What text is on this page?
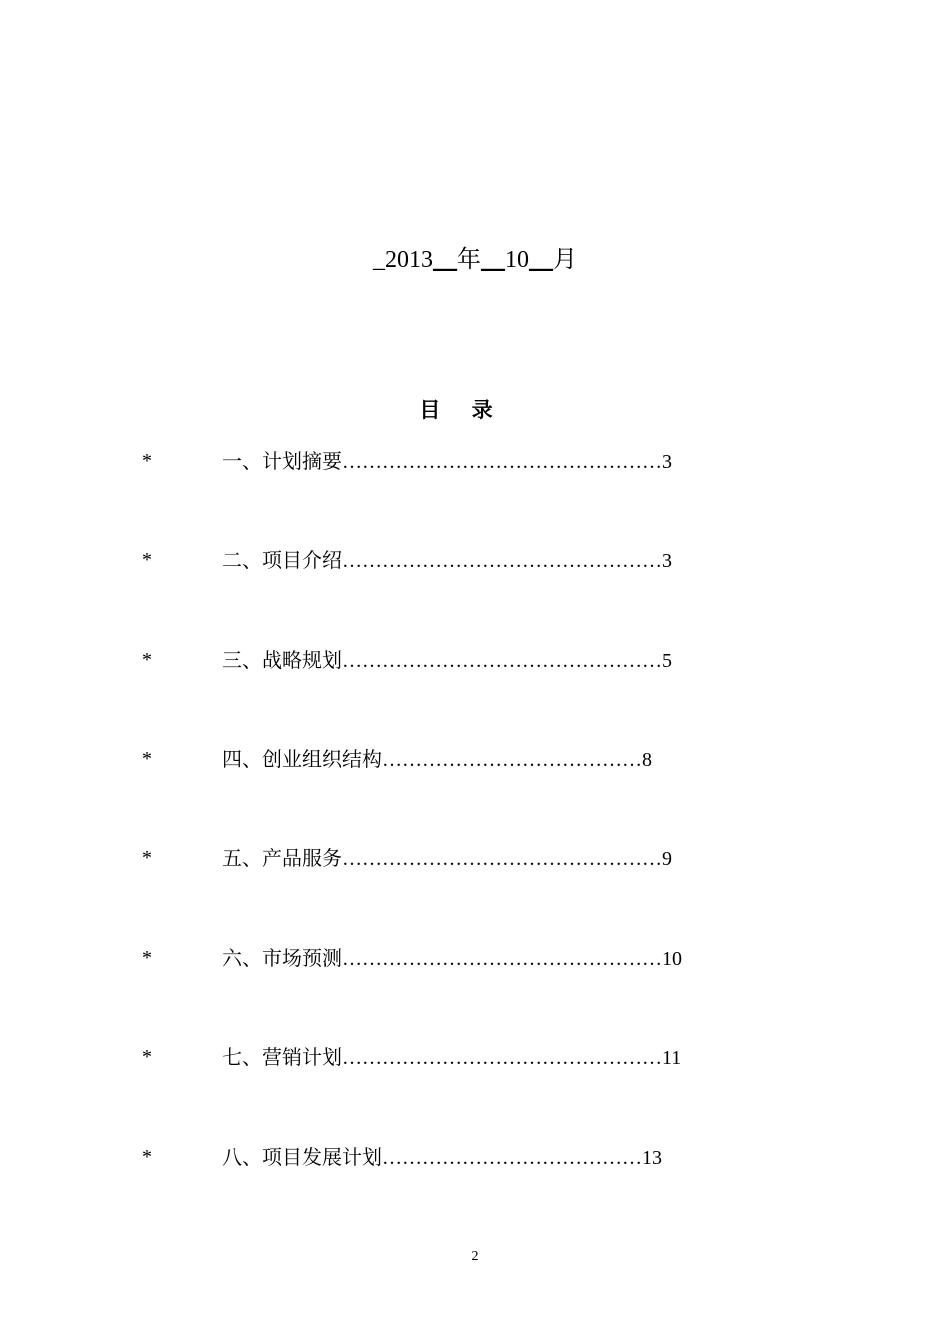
_2013__年__10__月
目 录
*	一、计划摘要…………………………………………3
*	二、项目介绍…………………………………………3
*	三、战略规划…………………………………………5
*	四、创业组织结构…………………………………8
*	五、产品服务…………………………………………9
*	六、市场预测…………………………………………10
*	七、营销计划…………………………………………11
*	八、项目发展计划…………………………………13
2
